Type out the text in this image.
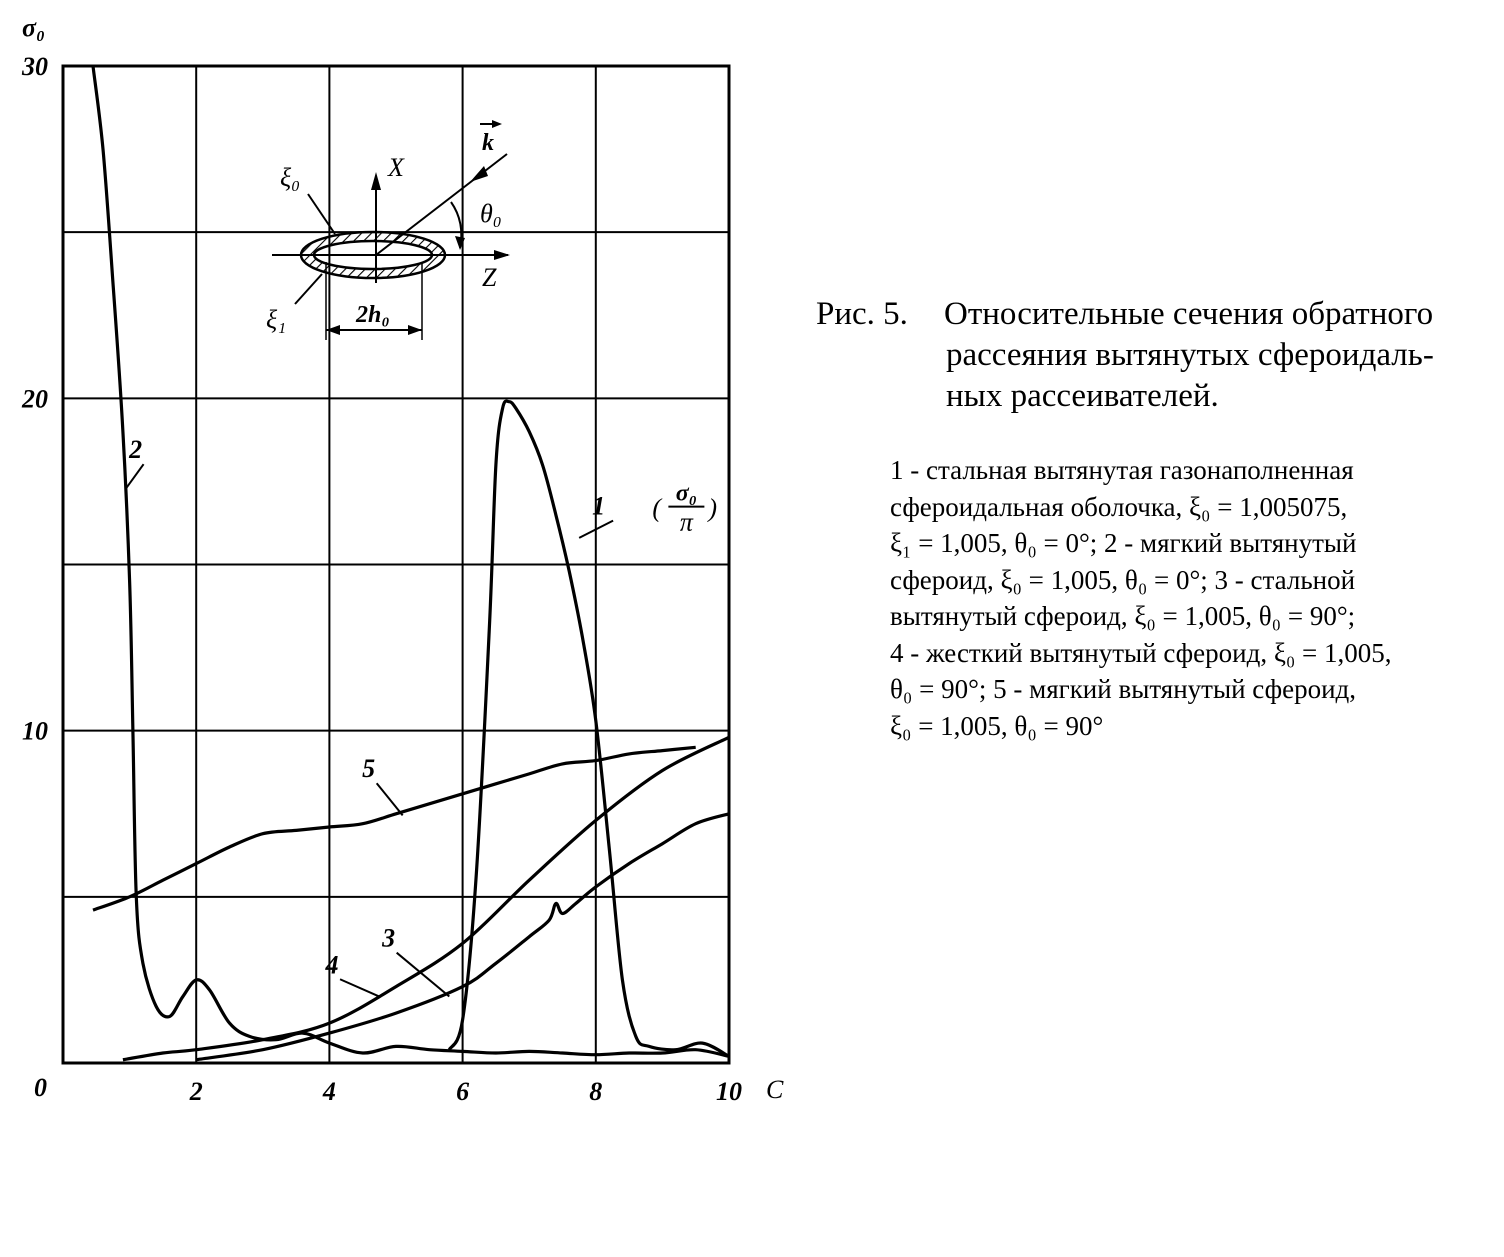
σ₀
0	C
2	4	6	8	10
30
20
10
1
2
3
4
5
( σ₀
π )
X
Z
k
θ₀
ξ₀
ξ₁	2h₀	Рис. 5. Относительные сечения обратного
рассеяния вытянутых сфероидаль-
ных рассеивателей.
1 - стальная вытянутая газонаполненная
сфероидальная оболочка, ξ₀ = 1,005075,
ξ₁ = 1,005, θ₀ = 0°; 2 - мягкий вытянутый
сфероид, ξ₀ = 1,005, θ₀ = 0°; 3 - стальной
вытянутый сфероид, ξ₀ = 1,005, θ₀ = 90°;
4 - жесткий вытянутый сфероид, ξ₀ = 1,005,
θ₀ = 90°; 5 - мягкий вытянутый сфероид,
ξ₀ = 1,005, θ₀ = 90°
